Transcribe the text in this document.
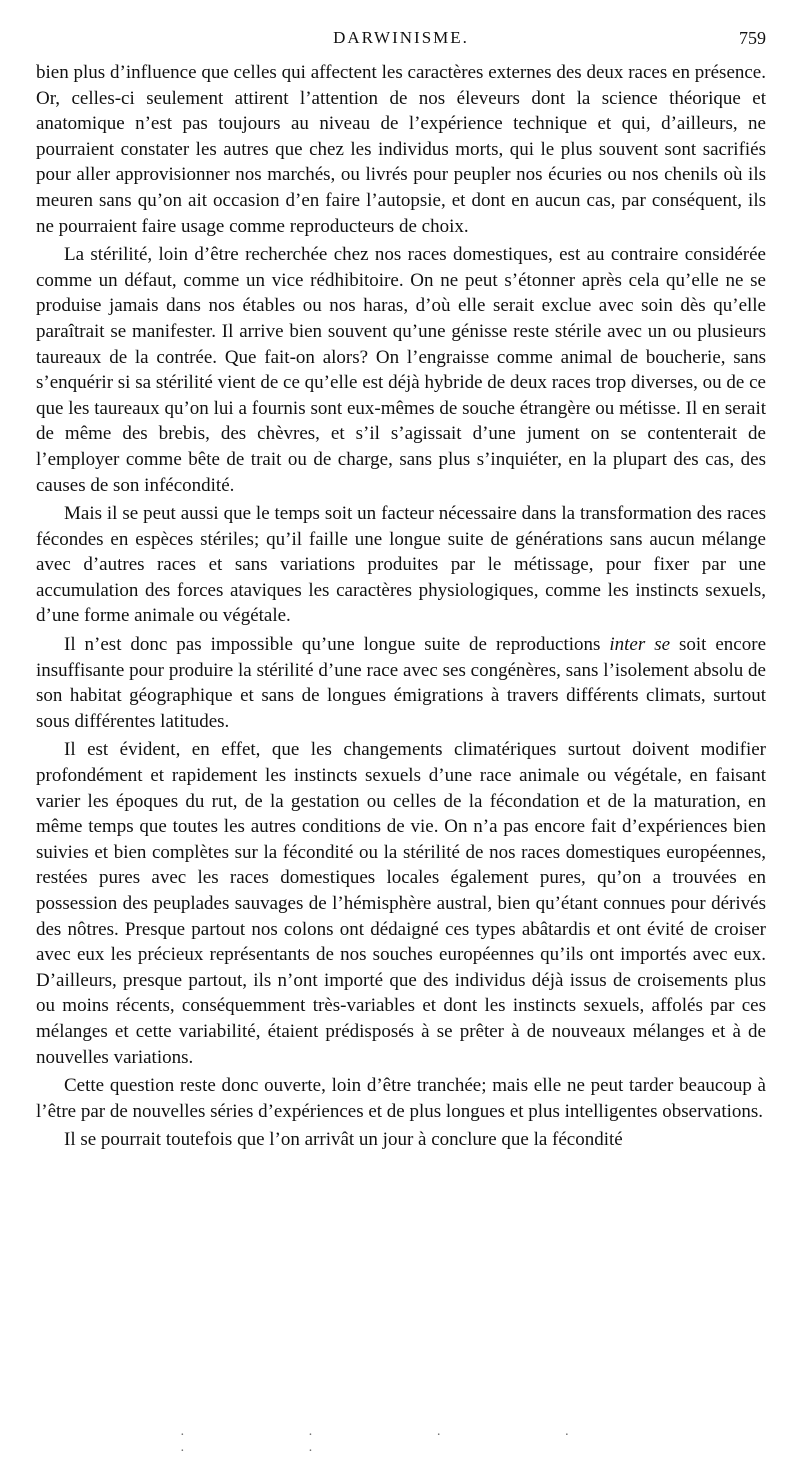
DARWINISME.	759

bien plus d’influence que celles qui affectent les caractères externes des deux races en présence. Or, celles-ci seulement attirent l’attention de nos éleveurs dont la science théorique et anatomique n’est pas toujours au niveau de l’expérience technique et qui, d’ailleurs, ne pourraient constater les autres que chez les individus morts, qui le plus souvent sont sacrifiés pour aller approvisionner nos marchés, ou livrés pour peupler nos écuries ou nos chenils où ils meuren sans qu’on ait occasion d’en faire l’autopsie, et dont en aucun cas, par conséquent, ils ne pourraient faire usage comme reproducteurs de choix.

La stérilité, loin d’être recherchée chez nos races domestiques, est au contraire considérée comme un défaut, comme un vice rédhibitoire. On ne peut s’étonner après cela qu’elle ne se produise jamais dans nos étables ou nos haras, d’où elle serait exclue avec soin dès qu’elle paraîtrait se manifester. Il arrive bien souvent qu’une génisse reste stérile avec un ou plusieurs taureaux de la contrée. Que fait-on alors? On l’engraisse comme animal de boucherie, sans s’enquérir si sa stérilité vient de ce qu’elle est déjà hybride de deux races trop diverses, ou de ce que les taureaux qu’on lui a fournis sont eux-mêmes de souche étrangère ou métisse. Il en serait de même des brebis, des chèvres, et s’il s’agissait d’une jument on se contenterait de l’employer comme bête de trait ou de charge, sans plus s’inquiéter, en la plupart des cas, des causes de son infécondité.

Mais il se peut aussi que le temps soit un facteur nécessaire dans la transformation des races fécondes en espèces stériles; qu’il faille une longue suite de générations sans aucun mélange avec d’autres races et sans variations produites par le métissage, pour fixer par une accumulation des forces ataviques les caractères physiologiques, comme les instincts sexuels, d’une forme animale ou végétale.

Il n’est donc pas impossible qu’une longue suite de reproductions inter se soit encore insuffisante pour produire la stérilité d’une race avec ses congénères, sans l’isolement absolu de son habitat géographique et sans de longues émigrations à travers différents climats, surtout sous différentes latitudes.

Il est évident, en effet, que les changements climatériques surtout doivent modifier profondément et rapidement les instincts sexuels d’une race animale ou végétale, en faisant varier les époques du rut, de la gestation ou celles de la fécondation et de la maturation, en même temps que toutes les autres conditions de vie. On n’a pas encore fait d’expériences bien suivies et bien complètes sur la fécondité ou la stérilité de nos races domestiques européennes, restées pures avec les races domestiques locales également pures, qu’on a trouvées en possession des peuplades sauvages de l’hémisphère austral, bien qu’étant connues pour dérivés des nôtres. Presque partout nos colons ont dédaigné ces types abâtardis et ont évité de croiser avec eux les précieux représentants de nos souches européennes qu’ils ont importés avec eux. D’ailleurs, presque partout, ils n’ont importé que des individus déjà issus de croisements plus ou moins récents, conséquemment très-variables et dont les instincts sexuels, affolés par ces mélanges et cette variabilité, étaient prédisposés à se prêter à de nouveaux mélanges et à de nouvelles variations.

Cette question reste donc ouverte, loin d’être tranchée; mais elle ne peut tarder beaucoup à l’être par de nouvelles séries d’expériences et de plus longues et plus intelligentes observations.

Il se pourrait toutefois que l’on arrivât un jour à conclure que la fécondité

· · · · · ·
